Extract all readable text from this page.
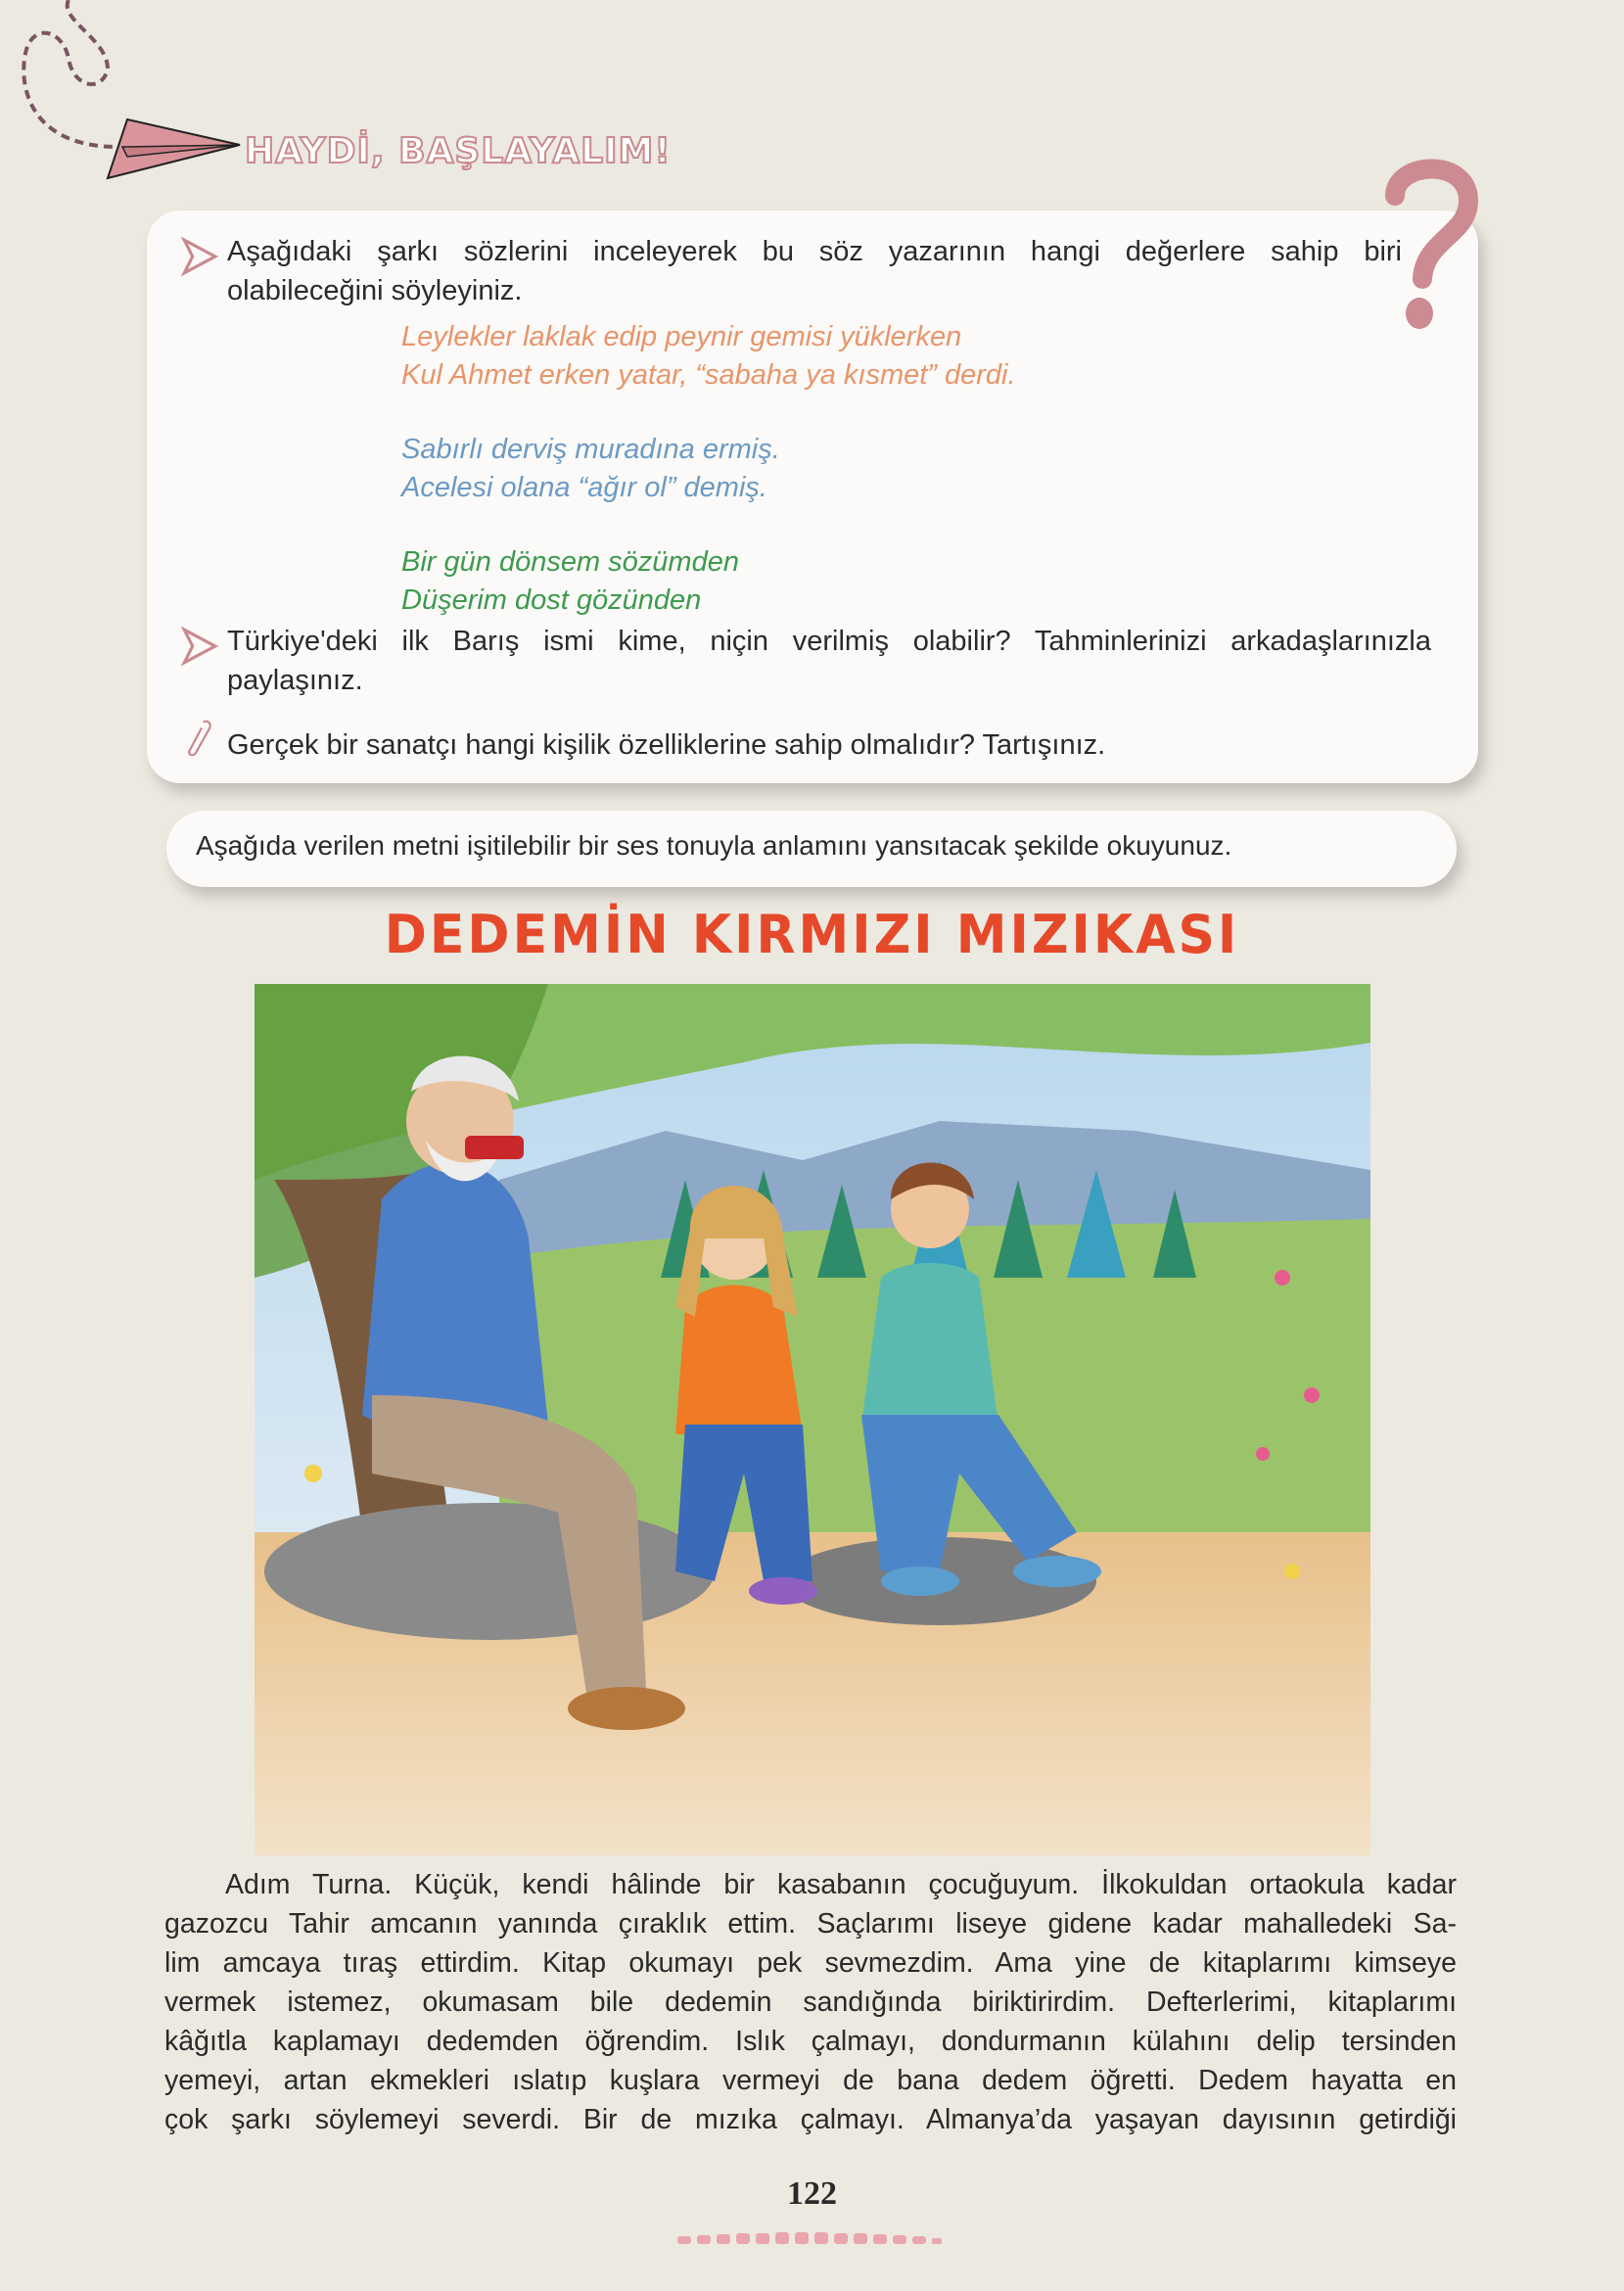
HAYDİ, BAŞLAYALIM!
Aşağıdaki şarkı sözlerini inceleyerek bu söz yazarının hangi değerlere sahip biri
olabileceğini söyleyiniz.
Leylekler laklak edip peynir gemisi yüklerken
Kul Ahmet erken yatar, “sabaha ya kısmet” derdi.
Sabırlı derviş muradına ermiş.
Acelesi olana “ağır ol” demiş.
Bir gün dönsem sözümden
Düşerim dost gözünden
Türkiye'deki ilk Barış ismi kime, niçin verilmiş olabilir? Tahminlerinizi arkadaşlarınızla
paylaşınız.
Gerçek bir sanatçı hangi kişilik özelliklerine sahip olmalıdır? Tartışınız.
Aşağıda verilen metni işitilebilir bir ses tonuyla anlamını yansıtacak şekilde okuyunuz.
DEDEMİN KIRMIZI MIZIKASI
Adım Turna. Küçük, kendi hâlinde bir kasabanın çocuğuyum. İlkokuldan ortaokula kadar
gazozcu Tahir amcanın yanında çıraklık ettim. Saçlarımı liseye gidene kadar mahalledeki Sa-
lim amcaya tıraş ettirdim. Kitap okumayı pek sevmezdim. Ama yine de kitaplarımı kimseye
vermek istemez, okumasam bile dedemin sandığında biriktirirdim. Defterlerimi, kitaplarımı
kâğıtla kaplamayı dedemden öğrendim. Islık çalmayı, dondurmanın külahını delip tersinden
yemeyi, artan ekmekleri ıslatıp kuşlara vermeyi de bana dedem öğretti. Dedem hayatta en
çok şarkı söylemeyi severdi. Bir de mızıka çalmayı. Almanya’da yaşayan dayısının getirdiği
122
